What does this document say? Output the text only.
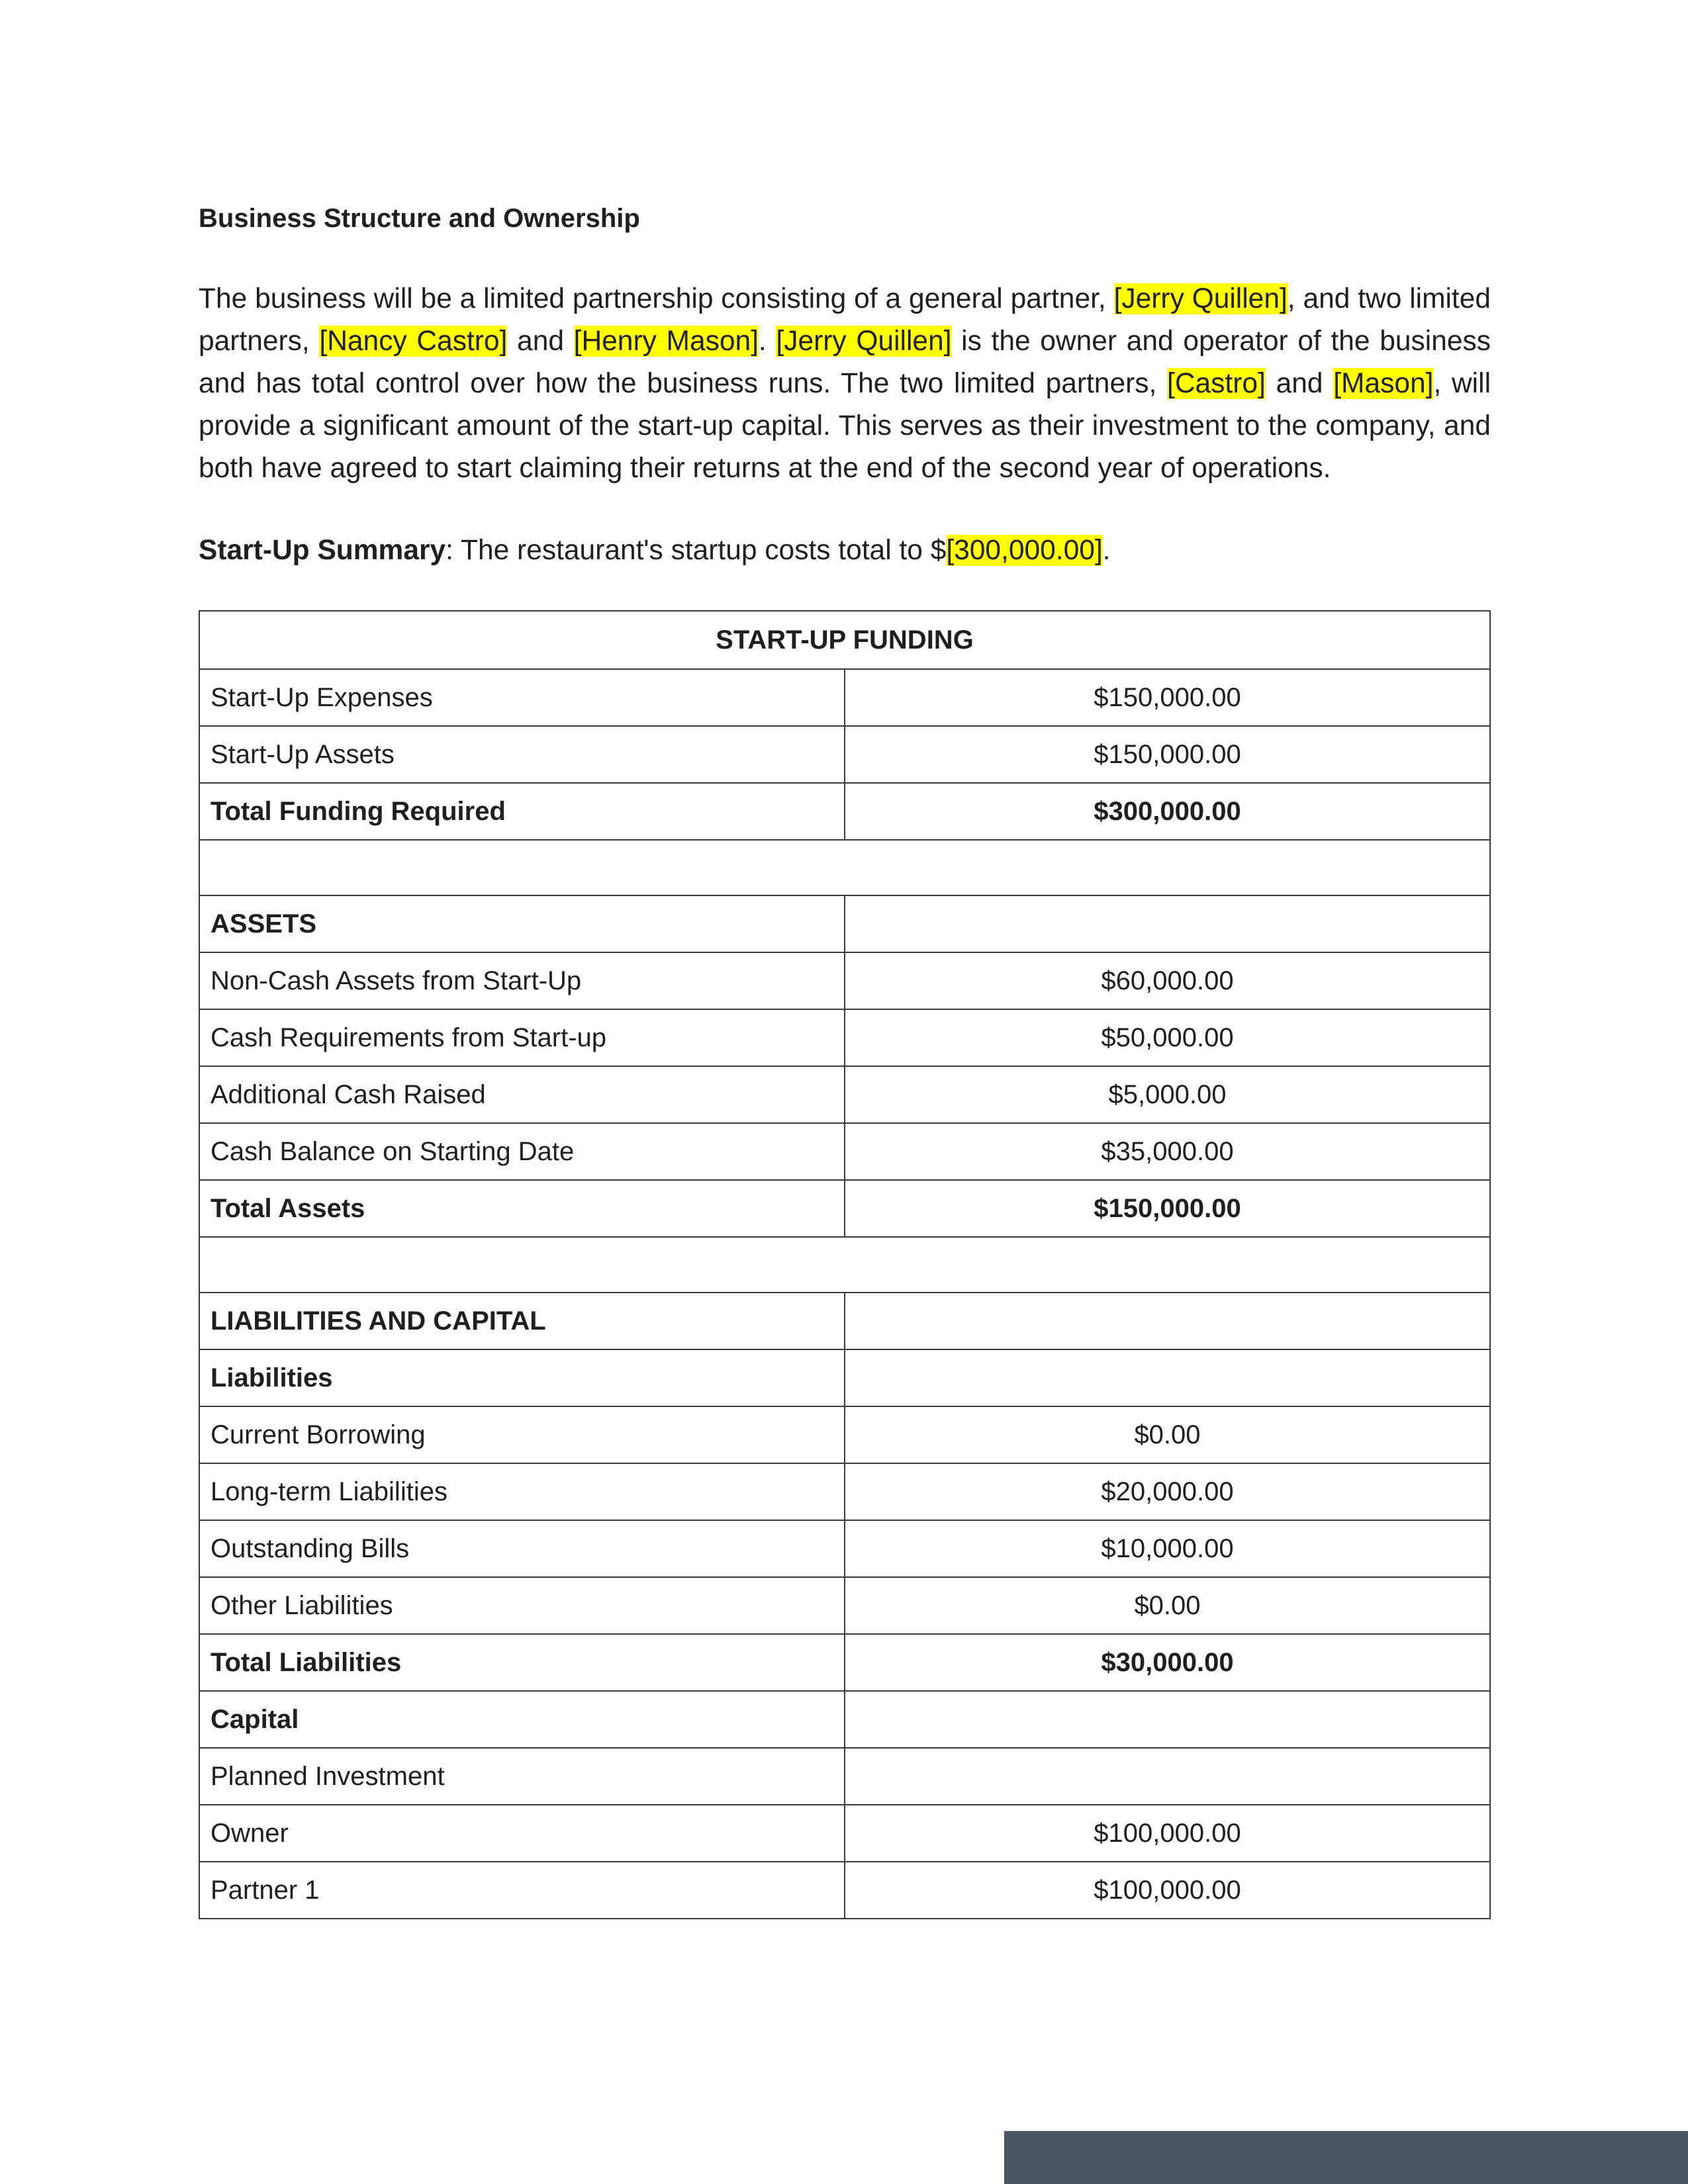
Business Structure and Ownership

The business will be a limited partnership consisting of a general partner, [Jerry Quillen], and two limited partners, [Nancy Castro] and [Henry Mason]. [Jerry Quillen] is the owner and operator of the business and has total control over how the business runs. The two limited partners, [Castro] and [Mason], will provide a significant amount of the start-up capital. This serves as their investment to the company, and both have agreed to start claiming their returns at the end of the second year of operations.

Start-Up Summary: The restaurant's startup costs total to $[300,000.00].

START-UP FUNDING	
Start-Up Expenses	$150,000.00
Start-Up Assets	$150,000.00
Total Funding Required	$300,000.00

ASSETS	
Non-Cash Assets from Start-Up	$60,000.00
Cash Requirements from Start-up	$50,000.00
Additional Cash Raised	$5,000.00
Cash Balance on Starting Date	$35,000.00
Total Assets	$150,000.00

LIABILITIES AND CAPITAL	
Liabilities	
Current Borrowing	$0.00
Long-term Liabilities	$20,000.00
Outstanding Bills	$10,000.00
Other Liabilities	$0.00
Total Liabilities	$30,000.00
Capital	
Planned Investment	
Owner	$100,000.00
Partner 1	$100,000.00
